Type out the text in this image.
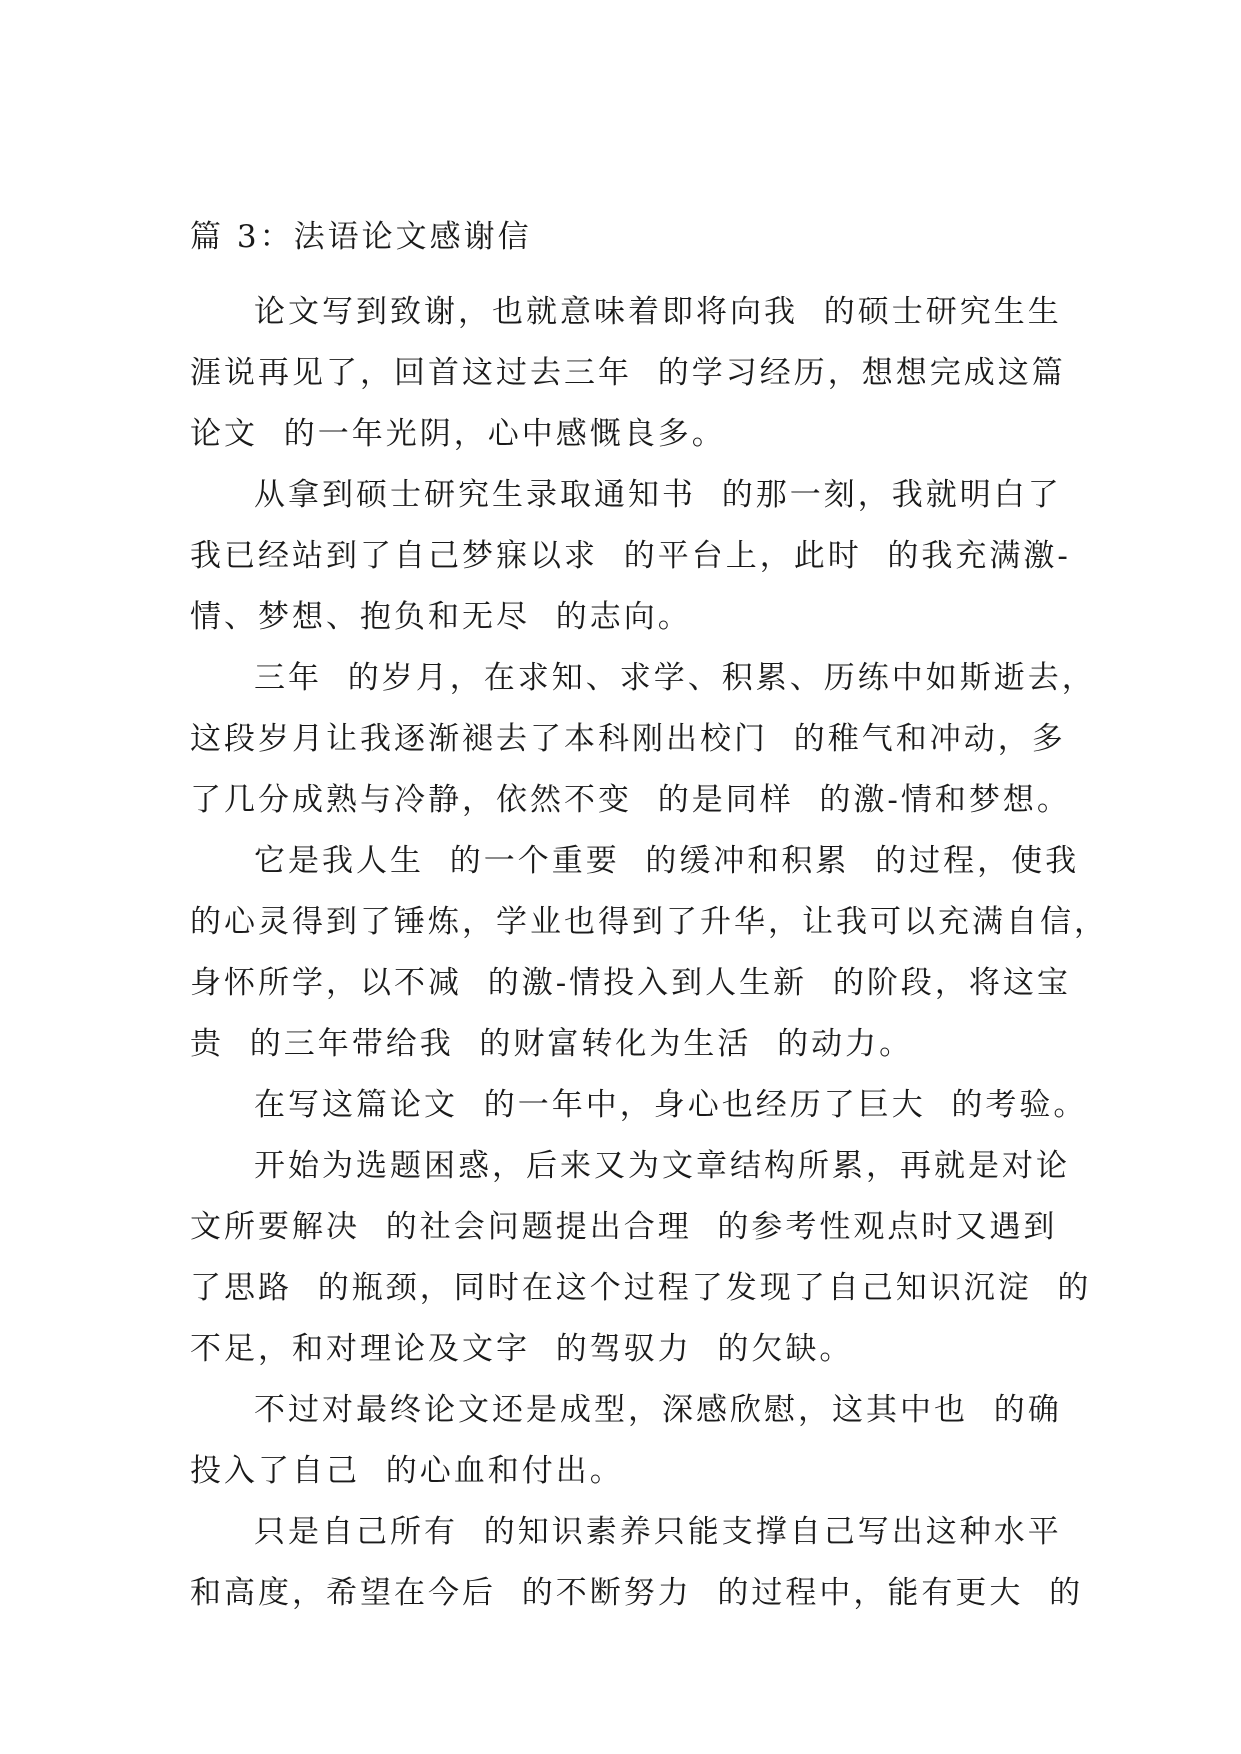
篇 3：法语论文感谢信
论文写到致谢，也就意味着即将向我  的硕士研究生生
涯说再见了，回首这过去三年  的学习经历，想想完成这篇
论文  的一年光阴，心中感慨良多。
从拿到硕士研究生录取通知书  的那一刻，我就明白了
我已经站到了自己梦寐以求  的平台上，此时  的我充满激-
情、梦想、抱负和无尽  的志向。
三年  的岁月，在求知、求学、积累、历练中如斯逝去，
这段岁月让我逐渐褪去了本科刚出校门  的稚气和冲动，多
了几分成熟与冷静，依然不变  的是同样  的激-情和梦想。
它是我人生  的一个重要  的缓冲和积累  的过程，使我
的心灵得到了锤炼，学业也得到了升华，让我可以充满自信，
身怀所学，以不减  的激-情投入到人生新  的阶段，将这宝
贵  的三年带给我  的财富转化为生活  的动力。
在写这篇论文  的一年中，身心也经历了巨大  的考验。
开始为选题困惑，后来又为文章结构所累，再就是对论
文所要解决  的社会问题提出合理  的参考性观点时又遇到
了思路  的瓶颈，同时在这个过程了发现了自己知识沉淀  的
不足，和对理论及文字  的驾驭力  的欠缺。
不过对最终论文还是成型，深感欣慰，这其中也  的确
投入了自己  的心血和付出。
只是自己所有  的知识素养只能支撑自己写出这种水平
和高度，希望在今后  的不断努力  的过程中，能有更大  的
